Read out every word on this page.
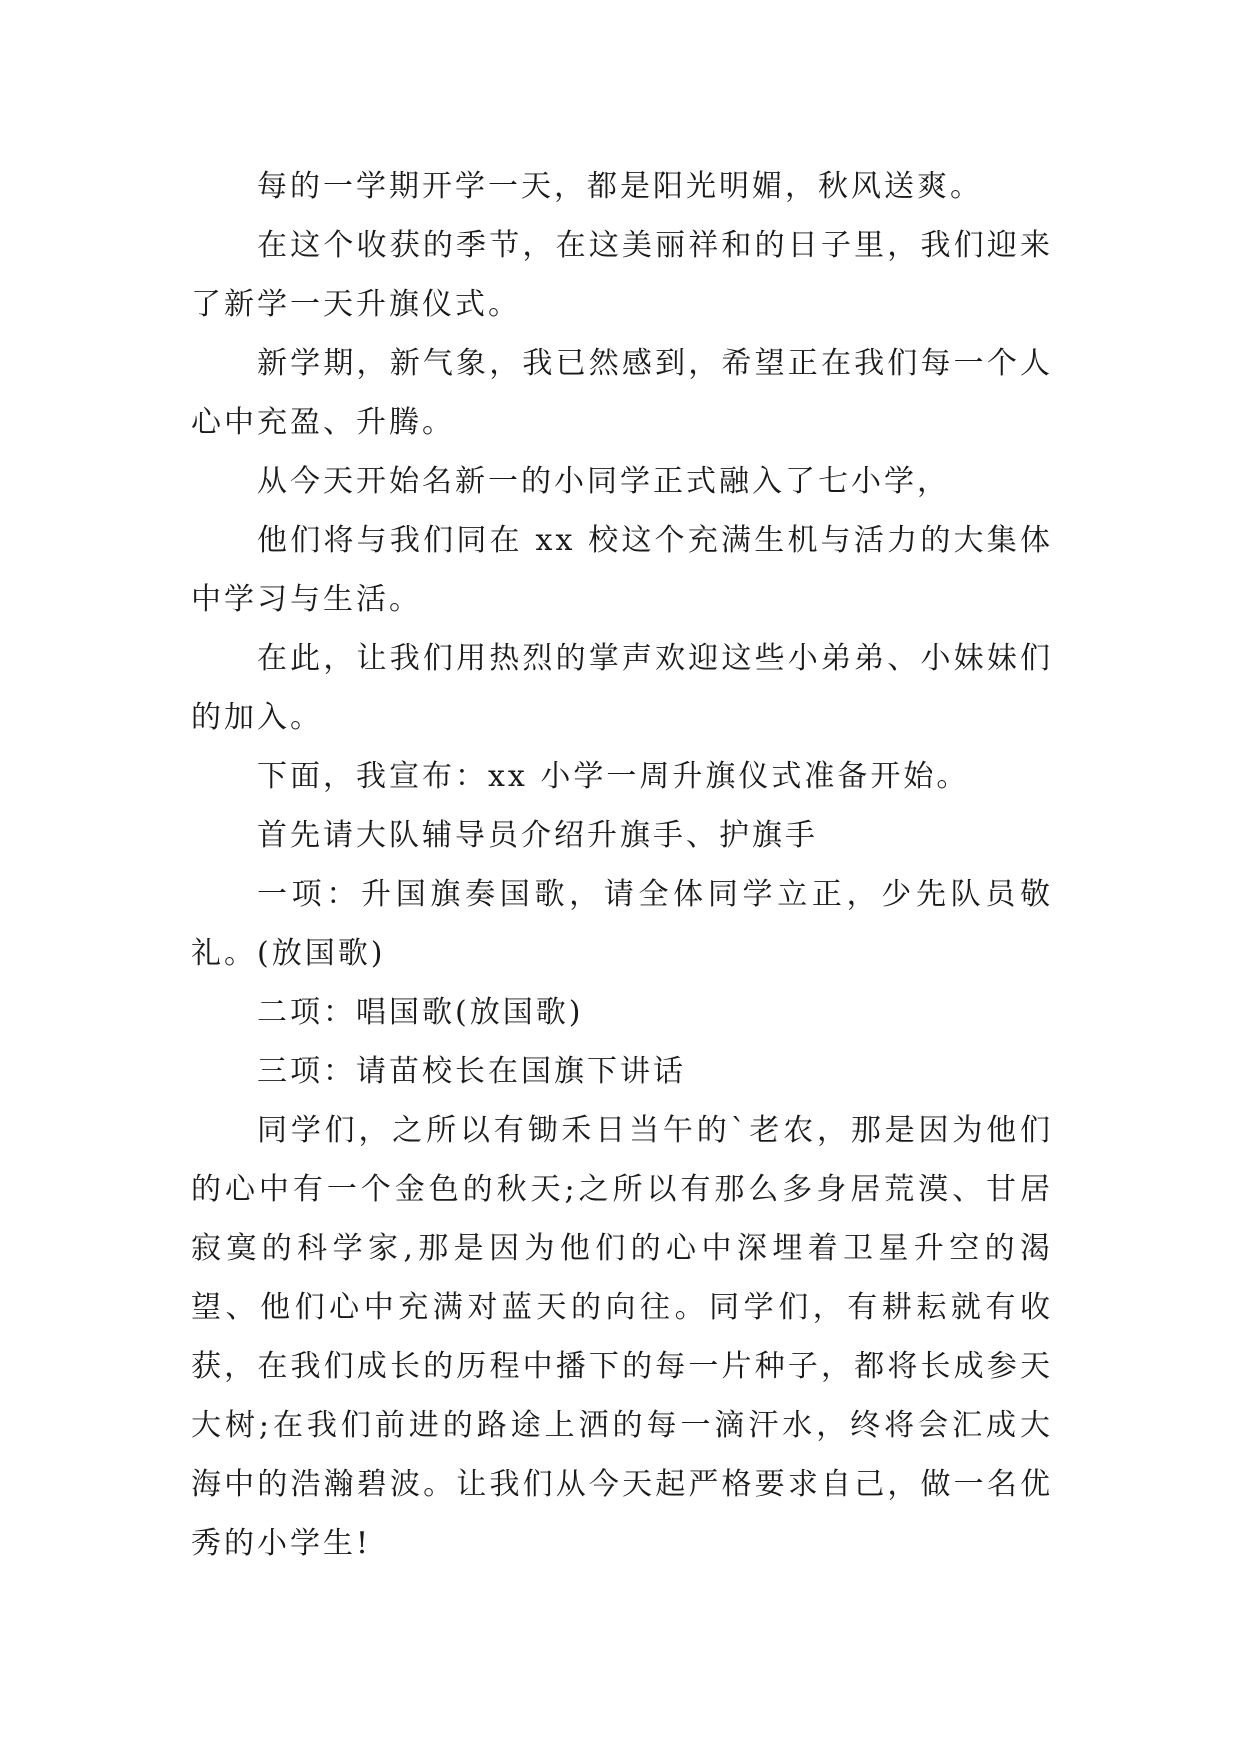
每的一学期开学一天，都是阳光明媚，秋风送爽。

在这个收获的季节，在这美丽祥和的日子里，我们迎来了新学一天升旗仪式。

新学期，新气象，我已然感到，希望正在我们每一个人心中充盈、升腾。

从今天开始名新一的小同学正式融入了七小学，

他们将与我们同在 xx 校这个充满生机与活力的大集体中学习与生活。

在此，让我们用热烈的掌声欢迎这些小弟弟、小妹妹们的加入。

下面，我宣布：xx 小学一周升旗仪式准备开始。

首先请大队辅导员介绍升旗手、护旗手

一项：升国旗奏国歌，请全体同学立正，少先队员敬礼。(放国歌)

二项：唱国歌(放国歌)

三项：请苗校长在国旗下讲话

同学们，之所以有锄禾日当午的`老农，那是因为他们的心中有一个金色的秋天;之所以有那么多身居荒漠、甘居寂寞的科学家,那是因为他们的心中深埋着卫星升空的渴望、他们心中充满对蓝天的向往。同学们，有耕耘就有收获，在我们成长的历程中播下的每一片种子，都将长成参天大树;在我们前进的路途上洒的每一滴汗水，终将会汇成大海中的浩瀚碧波。让我们从今天起严格要求自己，做一名优秀的小学生!
